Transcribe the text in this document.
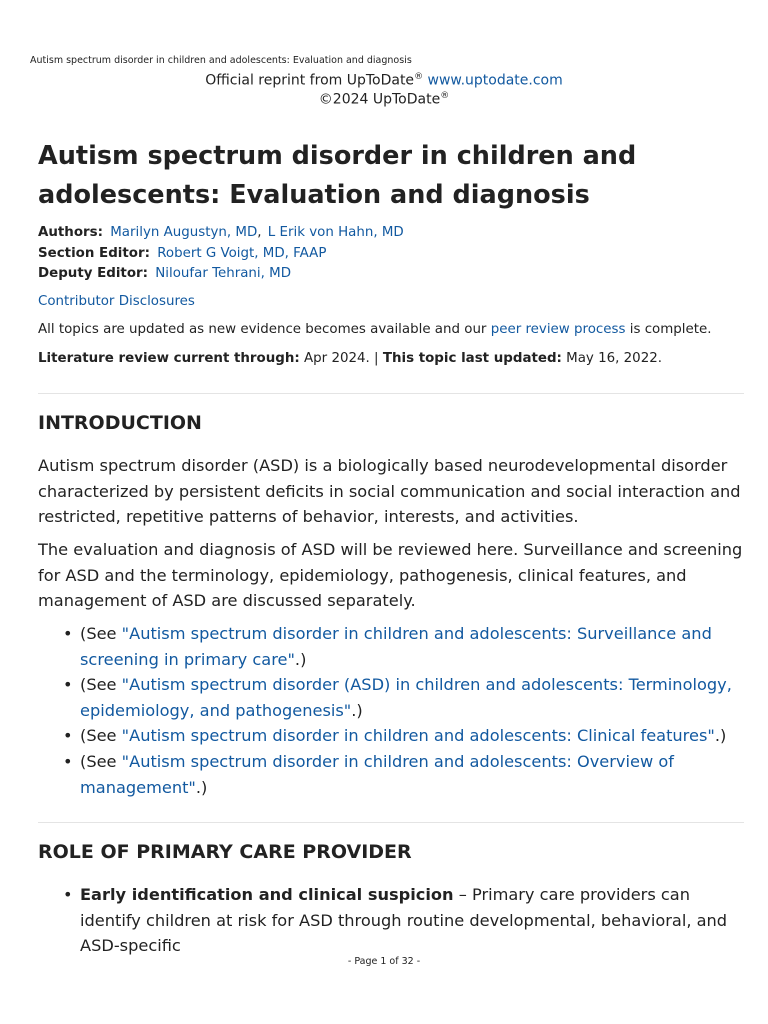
Autism spectrum disorder in children and adolescents: Evaluation and diagnosis
Official reprint from UpToDate® www.uptodate.com
©2024 UpToDate®
Autism spectrum disorder in children and adolescents: Evaluation and diagnosis
Authors: Marilyn Augustyn, MD, L Erik von Hahn, MD
Section Editor: Robert G Voigt, MD, FAAP
Deputy Editor: Niloufar Tehrani, MD
Contributor Disclosures
All topics are updated as new evidence becomes available and our peer review process is complete.
Literature review current through: Apr 2024. | This topic last updated: May 16, 2022.
INTRODUCTION

Autism spectrum disorder (ASD) is a biologically based neurodevelopmental disorder characterized by persistent deficits in social communication and social interaction and restricted, repetitive patterns of behavior, interests, and activities.

The evaluation and diagnosis of ASD will be reviewed here. Surveillance and screening for ASD and the terminology, epidemiology, pathogenesis, clinical features, and management of ASD are discussed separately.

• (See "Autism spectrum disorder in children and adolescents: Surveillance and screening in primary care".)
• (See "Autism spectrum disorder (ASD) in children and adolescents: Terminology, epidemiology, and pathogenesis".)
• (See "Autism spectrum disorder in children and adolescents: Clinical features".)
• (See "Autism spectrum disorder in children and adolescents: Overview of management".)
ROLE OF PRIMARY CARE PROVIDER
• Early identification and clinical suspicion – Primary care providers can identify children at risk for ASD through routine developmental, behavioral, and ASD-specific
- Page 1 of 32 -
